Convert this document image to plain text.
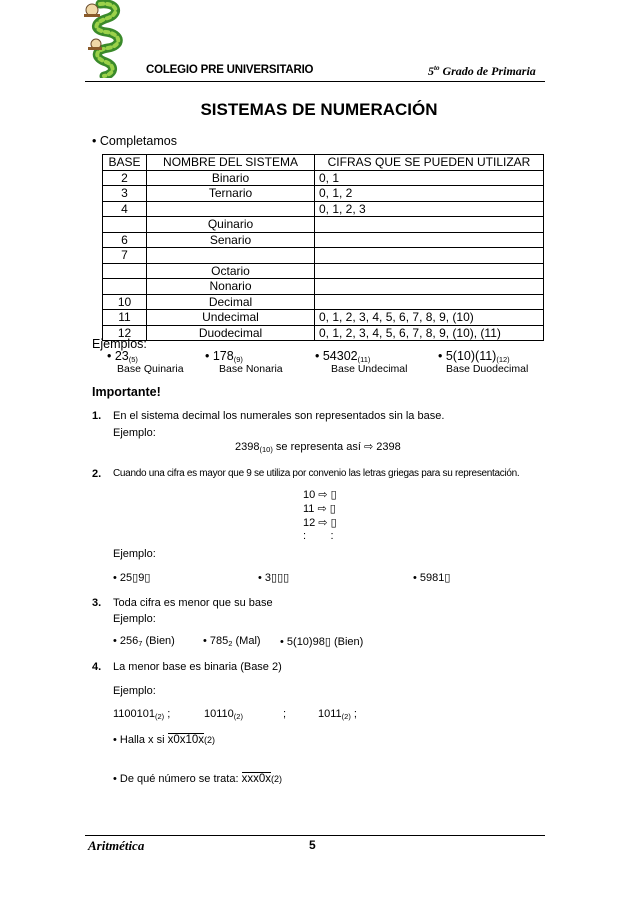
COLEGIO PRE UNIVERSITARIO	$5^{to}$ Grado de Primaria
SISTEMAS DE NUMERACIÓN
• Completamos
BASE	NOMBRE DEL SISTEMA	CIFRAS QUE SE PUEDEN UTILIZAR
2	Binario	0, 1
3	Ternario	0, 1, 2
4		0, 1, 2, 3
	Quinario	
6	Senario	
7		
	Octario	
	Nonario	
10	Decimal	
11	Undecimal	0, 1, 2, 3, 4, 5, 6, 7, 8, 9, (10)
12	Duodecimal	0, 1, 2, 3, 4, 5, 6, 7, 8, 9, (10), (11)
Ejemplos:
• $23_{(5)}$
Base Quinaria
• $178_{(9)}$
Base Nonaria
• $54302_{(11)}$
Base Undecimal
• $5(10)(11)_{(12)}$
Base Duodecimal
Importante!
1. En el sistema decimal los numerales son representados sin la base.
Ejemplo:
$2398_{(10)}$ se representa así ⇨ 2398
2. Cuando una cifra es mayor que 9 se utiliza por convenio las letras griegas para su representación.
10 ⇨ ▯
11 ⇨ ▯
12 ⇨ ▯
:        :
Ejemplo:
• 25▯9▯	• 3▯▯▯	• 5981▯
3. Toda cifra es menor que su base
Ejemplo:
• $256_7$ (Bien)	• $785_2$ (Mal) • 5(10)98▯ (Bien)
4. La menor base es binaria (Base 2)
Ejemplo:
$1100101_{(2)}$ ;	$10110_{(2)}$	;	$1011_{(2)}$ ;
• Halla x si x0x10x(2)
• De qué número se trata: xxx0x(2)
Aritmética	5
